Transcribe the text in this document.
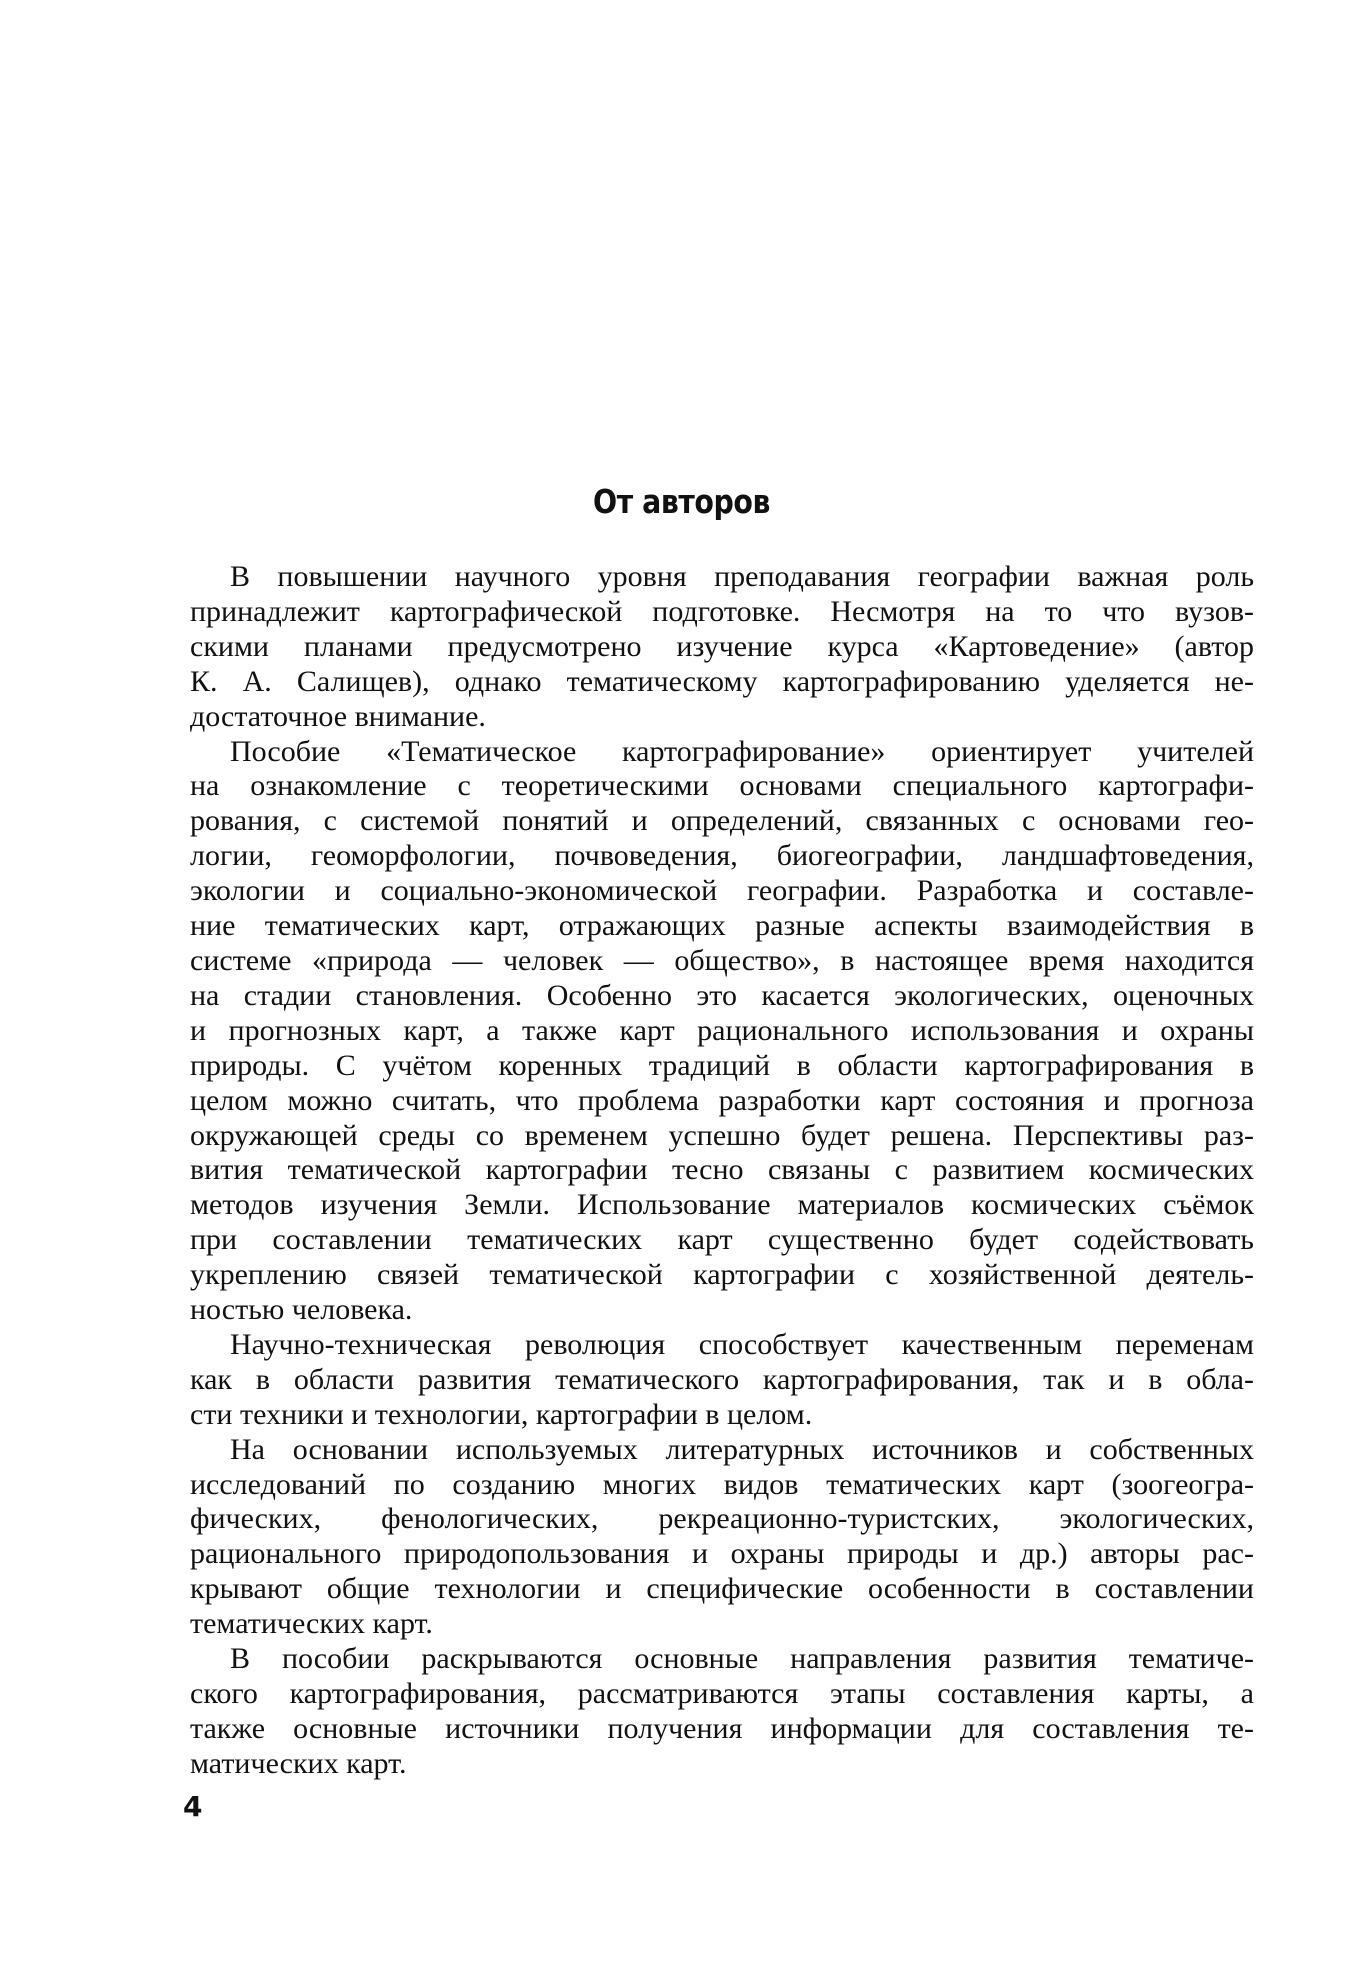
От авторов
В повышении научного уровня преподавания географии важная роль
принадлежит картографической подготовке. Несмотря на то что вузов-
скими планами предусмотрено изучение курса «Картоведение» (автор
К. А. Салищев), однако тематическому картографированию уделяется не-
достаточное внимание.
Пособие «Тематическое картографирование» ориентирует учителей
на ознакомление с теоретическими основами специального картографи-
рования, с системой понятий и определений, связанных с основами гео-
логии, геоморфологии, почвоведения, биогеографии, ландшафтоведения,
экологии и социально-экономической географии. Разработка и составле-
ние тематических карт, отражающих разные аспекты взаимодействия в
системе «природа — человек — общество», в настоящее время находится
на стадии становления. Особенно это касается экологических, оценочных
и прогнозных карт, а также карт рационального использования и охраны
природы. С учётом коренных традиций в области картографирования в
целом можно считать, что проблема разработки карт состояния и прогноза
окружающей среды со временем успешно будет решена. Перспективы раз-
вития тематической картографии тесно связаны с развитием космических
методов изучения Земли. Использование материалов космических съёмок
при составлении тематических карт существенно будет содействовать
укреплению связей тематической картографии с хозяйственной деятель-
ностью человека.
Научно-техническая революция способствует качественным переменам
как в области развития тематического картографирования, так и в обла-
сти техники и технологии, картографии в целом.
На основании используемых литературных источников и собственных
исследований по созданию многих видов тематических карт (зоогеогра-
фических, фенологических, рекреационно-туристских, экологических,
рационального природопользования и охраны природы и др.) авторы рас-
крывают общие технологии и специфические особенности в составлении
тематических карт.
В пособии раскрываются основные направления развития тематиче-
ского картографирования, рассматриваются этапы составления карты, а
также основные источники получения информации для составления те-
матических карт.
4
